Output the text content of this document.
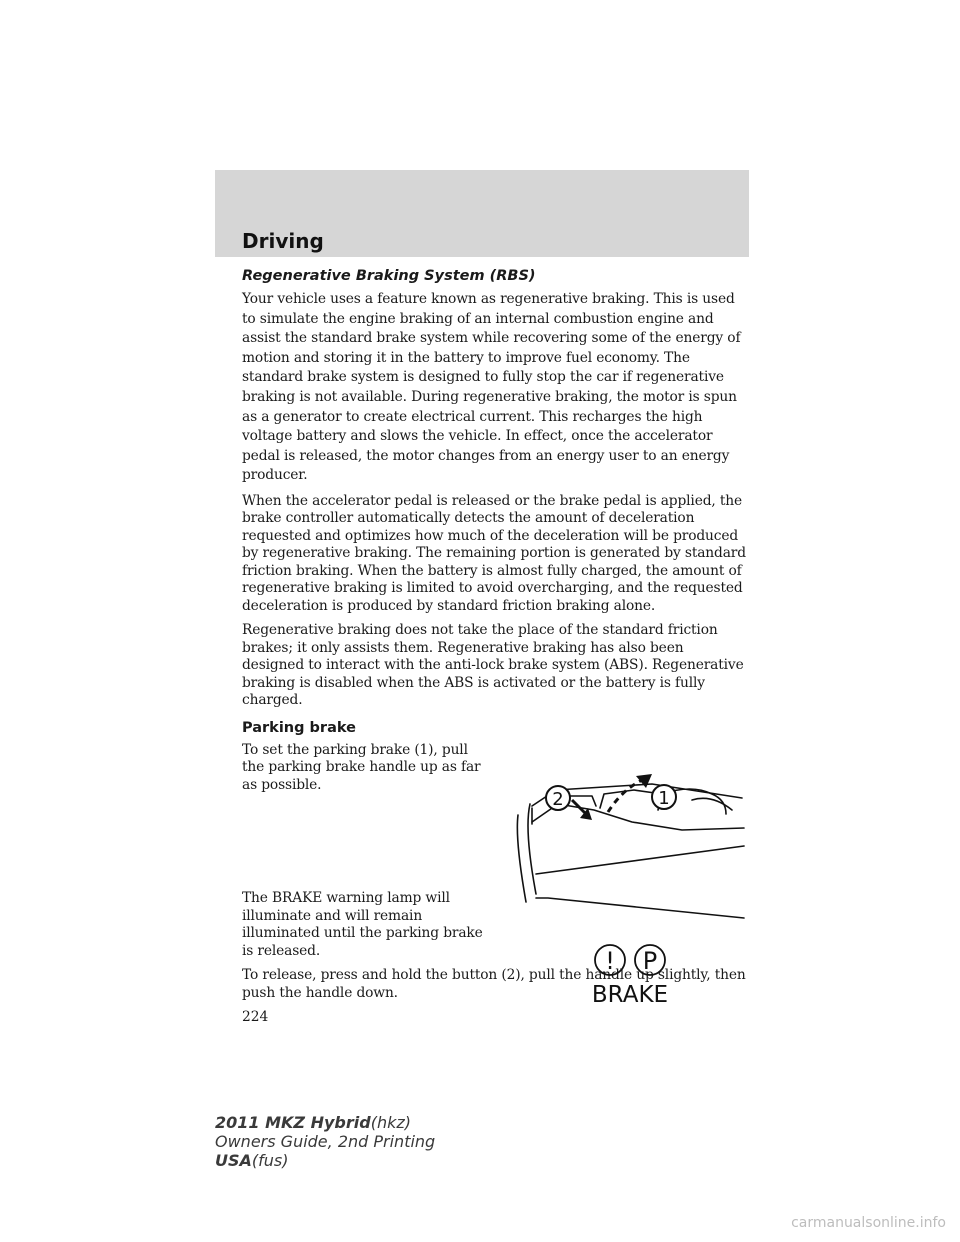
Driving
Regenerative Braking System (RBS)

Your vehicle uses a feature known as regenerative braking. This is used to simulate the engine braking of an internal combustion engine and assist the standard brake system while recovering some of the energy of motion and storing it in the battery to improve fuel economy. The standard brake system is designed to fully stop the car if regenerative braking is not available. During regenerative braking, the motor is spun as a generator to create electrical current. This recharges the high voltage battery and slows the vehicle. In effect, once the accelerator pedal is released, the motor changes from an energy user to an energy producer.

When the accelerator pedal is released or the brake pedal is applied, the brake controller automatically detects the amount of deceleration requested and optimizes how much of the deceleration will be produced by regenerative braking. The remaining portion is generated by standard friction braking. When the battery is almost fully charged, the amount of regenerative braking is limited to avoid overcharging, and the requested deceleration is produced by standard friction braking alone.

Regenerative braking does not take the place of the standard friction brakes; it only assists them. Regenerative braking has also been designed to interact with the anti-lock brake system (ABS). Regenerative braking is disabled when the ABS is activated or the battery is fully charged.

Parking brake

To set the parking brake (1), pull the parking brake handle up as far as possible.

1
2

The BRAKE warning lamp will illuminate and will remain illuminated until the parking brake is released.	! P
BRAKE

To release, press and hold the button (2), pull the handle up slightly, then push the handle down.

224
2011 MKZ Hybrid(hkz)
Owners Guide, 2nd Printing
USA(fus)
carmanualsonline.info
